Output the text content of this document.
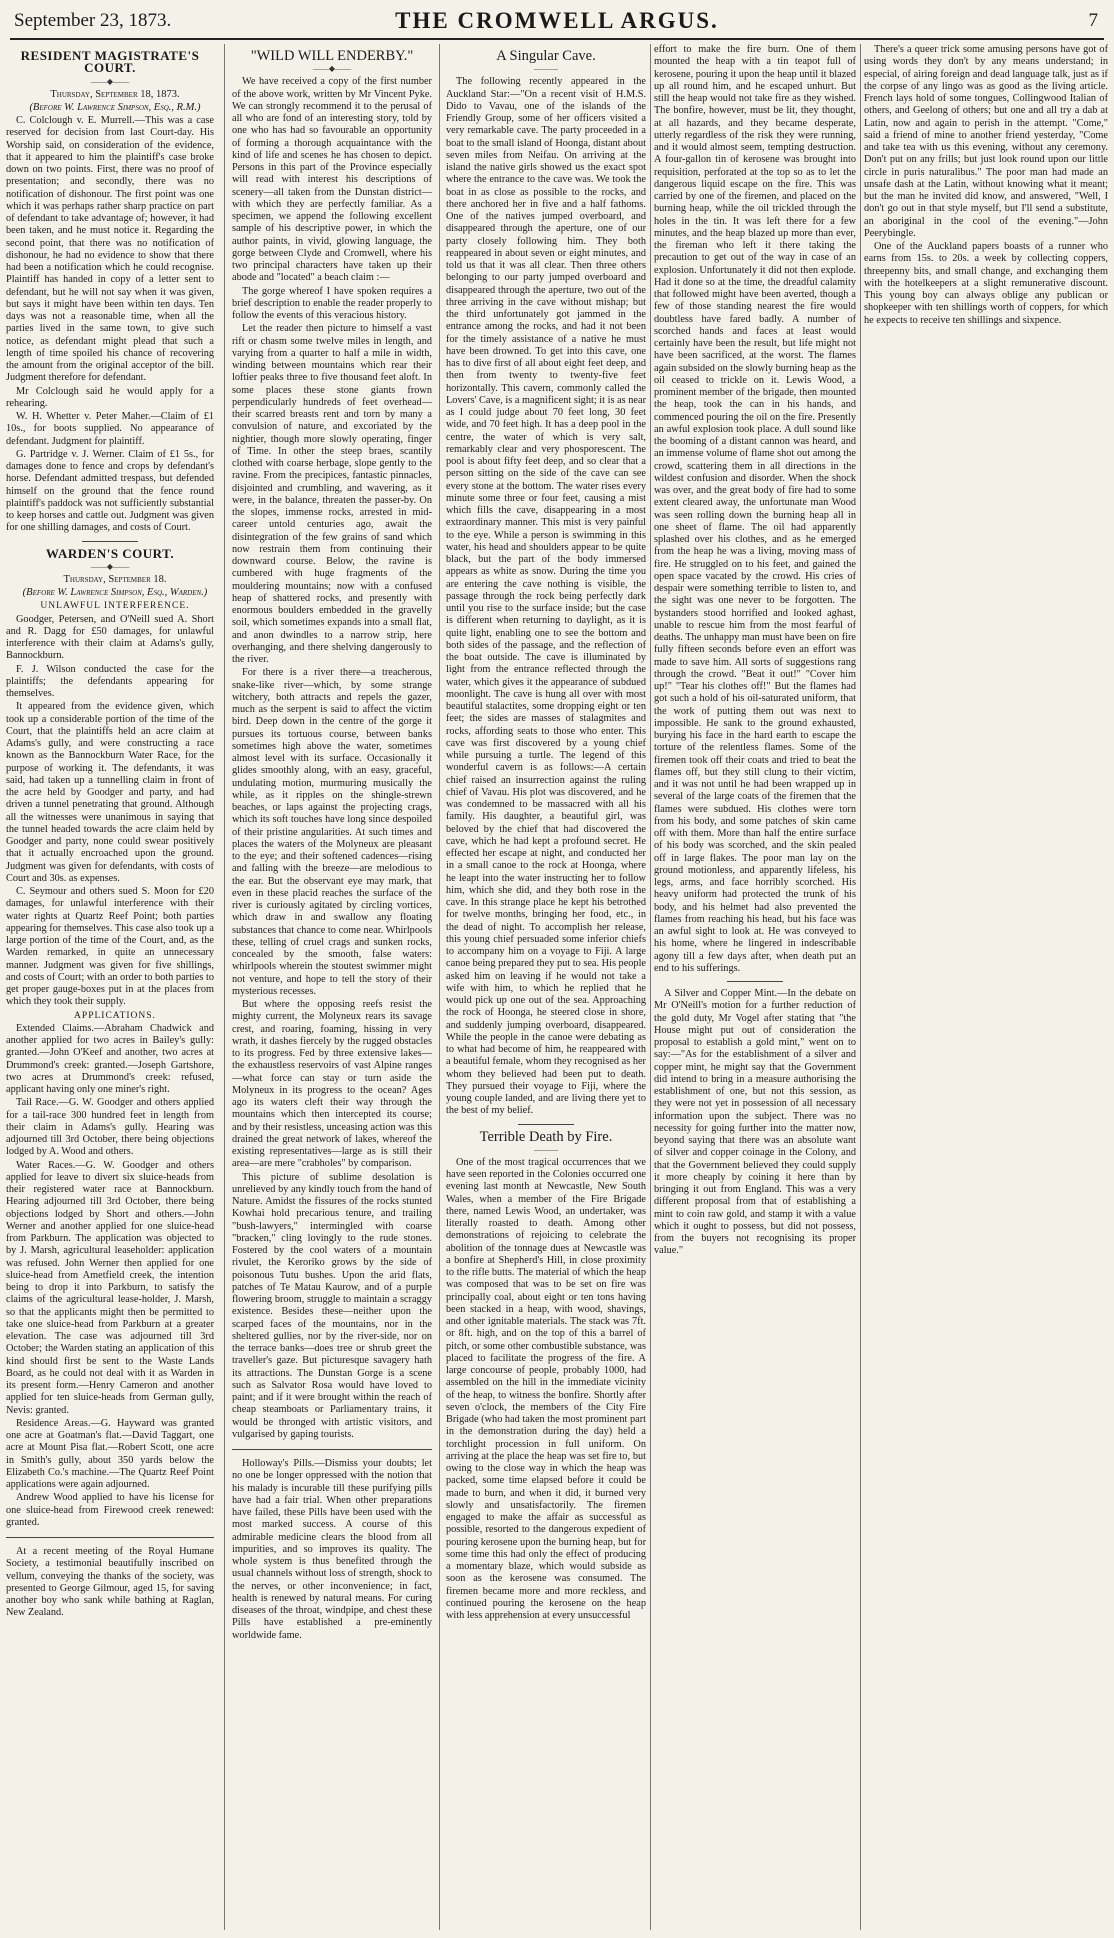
September 23, 1873.	THE CROMWELL ARGUS.	7
RESIDENT MAGISTRATE'S COURT.
——◆——

Thursday, September 18, 1873.

(Before W. Lawrence Simpson, Esq., R.M.)

C. Colclough v. E. Murrell.—This was a case reserved for decision from last Court-day. His Worship said, on consideration of the evidence, that it appeared to him the plaintiff's case broke down on two points. First, there was no proof of presentation; and secondly, there was no notification of dishonour. The first point was one which it was perhaps rather sharp practice on part of defendant to take advantage of; however, it had been taken, and he must notice it. Regarding the second point, that there was no notification of dishonour, he had no evidence to show that there had been a notification which he could recognise. Plaintiff has handed in copy of a letter sent to defendant, but he will not say when it was given, but says it might have been within ten days. Ten days was not a reasonable time, when all the parties lived in the same town, to give such notice, as defendant might plead that such a length of time spoiled his chance of recovering the amount from the original acceptor of the bill. Judgment therefore for defendant.

Mr Colclough said he would apply for a rehearing.

W. H. Whetter v. Peter Maher.—Claim of £1 10s., for boots supplied. No appearance of defendant. Judgment for plaintiff.

G. Partridge v. J. Werner. Claim of £1 5s., for damages done to fence and crops by defendant's horse. Defendant admitted trespass, but defended himself on the ground that the fence round plaintiff's paddock was not sufficiently substantial to keep horses and cattle out. Judgment was given for one shilling damages, and costs of Court.

WARDEN'S COURT.
——◆——

Thursday, September 18.

(Before W. Lawrence Simpson, Esq., Warden.)

UNLAWFUL INTERFERENCE.

Goodger, Petersen, and O'Neill sued A. Short and R. Dagg for £50 damages, for unlawful interference with their claim at Adams's gully, Bannockburn.

F. J. Wilson conducted the case for the plaintiffs; the defendants appearing for themselves.

It appeared from the evidence given, which took up a considerable portion of the time of the Court, that the plaintiffs held an acre claim at Adams's gully, and were constructing a race known as the Bannockburn Water Race, for the purpose of working it. The defendants, it was said, had taken up a tunnelling claim in front of the acre held by Goodger and party, and had driven a tunnel penetrating that ground. Although all the witnesses were unanimous in saying that the tunnel headed towards the acre claim held by Goodger and party, none could swear positively that it actually encroached upon the ground. Judgment was given for defendants, with costs of Court and 30s. as expenses.

C. Seymour and others sued S. Moon for £20 damages, for unlawful interference with their water rights at Quartz Reef Point; both parties appearing for themselves. This case also took up a large portion of the time of the Court, and, as the Warden remarked, in quite an unnecessary manner. Judgment was given for five shillings, and costs of Court; with an order to both parties to get proper gauge-boxes put in at the places from which they took their supply.

APPLICATIONS.

Extended Claims.—Abraham Chadwick and another applied for two acres in Bailey's gully: granted.—John O'Keef and another, two acres at Drummond's creek: granted.—Joseph Gartshore, two acres at Drummond's creek: refused, applicant having only one miner's right.

Tail Race.—G. W. Goodger and others applied for a tail-race 300 hundred feet in length from their claim in Adams's gully. Hearing was adjourned till 3rd October, there being objections lodged by A. Wood and others.

Water Races.—G. W. Goodger and others applied for leave to divert six sluice-heads from their registered water race at Bannockburn. Hearing adjourned till 3rd October, there being objections lodged by Short and others.—John Werner and another applied for one sluice-head from Parkburn. The application was objected to by J. Marsh, agricultural leaseholder: application was refused. John Werner then applied for one sluice-head from Ametfield creek, the intention being to drop it into Parkburn, to satisfy the claims of the agricultural lease-holder, J. Marsh, so that the applicants might then be permitted to take one sluice-head from Parkburn at a greater elevation. The case was adjourned till 3rd October; the Warden stating an application of this kind should first be sent to the Waste Lands Board, as he could not deal with it as Warden in its present form.—Henry Cameron and another applied for ten sluice-heads from German gully, Nevis: granted.

Residence Areas.—G. Hayward was granted one acre at Goatman's flat.—David Taggart, one acre at Mount Pisa flat.—Robert Scott, one acre in Smith's gully, about 350 yards below the Elizabeth Co.'s machine.—The Quartz Reef Point applications were again adjourned.

Andrew Wood applied to have his license for one sluice-head from Firewood creek renewed: granted.

At a recent meeting of the Royal Humane Society, a testimonial beautifully inscribed on vellum, conveying the thanks of the society, was presented to George Gilmour, aged 15, for saving another boy who sank while bathing at Raglan, New Zealand.

"WILD WILL ENDERBY."
——◆——

We have received a copy of the first number of the above work, written by Mr Vincent Pyke. We can strongly recommend it to the perusal of all who are fond of an interesting story, told by one who has had so favourable an opportunity of forming a thorough acquaintance with the kind of life and scenes he has chosen to depict. Persons in this part of the Province especially will read with interest his descriptions of scenery—all taken from the Dunstan district—with which they are perfectly familiar. As a specimen, we append the following excellent sample of his descriptive power, in which the author paints, in vivid, glowing language, the gorge between Clyde and Cromwell, where his two principal characters have taken up their abode and "located" a beach claim :—

The gorge whereof I have spoken requires a brief description to enable the reader properly to follow the events of this veracious history.

Let the reader then picture to himself a vast rift or chasm some twelve miles in length, and varying from a quarter to half a mile in width, winding between mountains which rear their loftier peaks three to five thousand feet aloft. In some places these stone giants frown perpendicularly hundreds of feet overhead—their scarred breasts rent and torn by many a convulsion of nature, and excoriated by the nightier, though more slowly operating, finger of Time. In other the steep braes, scantily clothed with coarse herbage, slope gently to the ravine. From the precipices, fantastic pinnacles, disjointed and crumbling, and wavering, as it were, in the balance, threaten the passer-by. On the slopes, immense rocks, arrested in mid-career untold centuries ago, await the disintegration of the few grains of sand which now restrain them from continuing their downward course. Below, the ravine is cumbered with huge fragments of the mouldering mountains; now with a confused heap of shattered rocks, and presently with enormous boulders embedded in the gravelly soil, which sometimes expands into a small flat, and anon dwindles to a narrow strip, here overhanging, and there shelving dangerously to the river.

For there is a river there—a treacherous, snake-like river—which, by some strange witchery, both attracts and repels the gazer, much as the serpent is said to affect the victim bird. Deep down in the centre of the gorge it pursues its tortuous course, between banks sometimes high above the water, sometimes almost level with its surface. Occasionally it glides smoothly along, with an easy, graceful, undulating motion, murmuring musically the while, as it ripples on the shingle-strewn beaches, or laps against the projecting crags, which its soft touches have long since despoiled of their pristine angularities. At such times and places the waters of the Molyneux are pleasant to the eye; and their softened cadences—rising and falling with the breeze—are melodious to the ear. But the observant eye may mark, that even in these placid reaches the surface of the river is curiously agitated by circling vortices, which draw in and swallow any floating substances that chance to come near. Whirlpools these, telling of cruel crags and sunken rocks, concealed by the smooth, false waters: whirlpools wherein the stoutest swimmer might not venture, and hope to tell the story of their mysterious recesses.

But where the opposing reefs resist the mighty current, the Molyneux rears its savage crest, and roaring, foaming, hissing in very wrath, it dashes fiercely by the rugged obstacles to its progress. Fed by three extensive lakes—the exhaustless reservoirs of vast Alpine ranges—what force can stay or turn aside the Molyneux in its progress to the ocean? Ages ago its waters cleft their way through the mountains which then intercepted its course; and by their resistless, unceasing action was this drained the great network of lakes, whereof the existing representatives—large as is still their area—are mere "crabholes" by comparison.

This picture of sublime desolation is unrelieved by any kindly touch from the hand of Nature. Amidst the fissures of the rocks stunted Kowhai hold precarious tenure, and trailing "bush-lawyers," intermingled with coarse "bracken," cling lovingly to the rude stones. Fostered by the cool waters of a mountain rivulet, the Keroriko grows by the side of poisonous Tutu bushes. Upon the arid flats, patches of Te Matau Kaurow, and of a purple flowering broom, struggle to maintain a scraggy existence. Besides these—neither upon the scarped faces of the mountains, nor in the sheltered gullies, nor by the river-side, nor on the terrace banks—does tree or shrub greet the traveller's gaze. But picturesque savagery hath its attractions. The Dunstan Gorge is a scene such as Salvator Rosa would have loved to paint; and if it were brought within the reach of cheap steamboats or Parliamentary trains, it would be thronged with artistic visitors, and vulgarised by gaping tourists.

Holloway's Pills.—Dismiss your doubts; let no one be longer oppressed with the notion that his malady is incurable till these purifying pills have had a fair trial. When other preparations have failed, these Pills have been used with the most marked success. A course of this admirable medicine clears the blood from all impurities, and so improves its quality. The whole system is thus benefited through the usual channels without loss of strength, shock to the nerves, or other inconvenience; in fact, health is renewed by natural means. For curing diseases of the throat, windpipe, and chest these Pills have established a pre-eminently worldwide fame.

A Singular Cave.
———

The following recently appeared in the Auckland Star:—"On a recent visit of H.M.S. Dido to Vavau, one of the islands of the Friendly Group, some of her officers visited a very remarkable cave. The party proceeded in a boat to the small island of Hoonga, distant about seven miles from Neifau. On arriving at the island the native girls showed us the exact spot where the entrance to the cave was. We took the boat in as close as possible to the rocks, and there anchored her in five and a half fathoms. One of the natives jumped overboard, and disappeared through the aperture, one of our party closely following him. They both reappeared in about seven or eight minutes, and told us that it was all clear. Then three others belonging to our party jumped overboard and disappeared through the aperture, two out of the three arriving in the cave without mishap; but the third unfortunately got jammed in the entrance among the rocks, and had it not been for the timely assistance of a native he must have been drowned. To get into this cave, one has to dive first of all about eight feet deep, and then from twenty to twenty-five feet horizontally. This cavern, commonly called the Lovers' Cave, is a magnificent sight; it is as near as I could judge about 70 feet long, 30 feet wide, and 70 feet high. It has a deep pool in the centre, the water of which is very salt, remarkably clear and very phosporescent. The pool is about fifty feet deep, and so clear that a person sitting on the side of the cave can see every stone at the bottom. The water rises every minute some three or four feet, causing a mist which fills the cave, disappearing in a most extraordinary manner. This mist is very painful to the eye. While a person is swimming in this water, his head and shoulders appear to be quite black, but the part of the body immersed appears as white as snow. During the time you are entering the cave nothing is visible, the passage through the rock being perfectly dark until you rise to the surface inside; but the case is different when returning to daylight, as it is quite light, enabling one to see the bottom and both sides of the passage, and the reflection of the boat outside. The cave is illuminated by light from the entrance reflected through the water, which gives it the appearance of subdued moonlight. The cave is hung all over with most beautiful stalactites, some dropping eight or ten feet; the sides are masses of stalagmites and rocks, affording seats to those who enter. This cave was first discovered by a young chief while pursuing a turtle. The legend of this wonderful cavern is as follows:—A certain chief raised an insurrection against the ruling chief of Vavau. His plot was discovered, and he was condemned to be massacred with all his family. His daughter, a beautiful girl, was beloved by the chief that had discovered the cave, which he had kept a profound secret. He effected her escape at night, and conducted her in a small canoe to the rock at Hoonga, where he leapt into the water instructing her to follow him, which she did, and they both rose in the cave. In this strange place he kept his betrothed for twelve months, bringing her food, etc., in the dead of night. To accomplish her release, this young chief persuaded some inferior chiefs to accompany him on a voyage to Fiji. A large canoe being prepared they put to sea. His people asked him on leaving if he would not take a wife with him, to which he replied that he would pick up one out of the sea. Approaching the rock of Hoonga, he steered close in shore, and suddenly jumping overboard, disappeared. While the people in the canoe were debating as to what had become of him, he reappeared with a beautiful female, whom they recognised as her whom they believed had been put to death. They pursued their voyage to Fiji, where the young couple landed, and are living there yet to the best of my belief.

Terrible Death by Fire.
———

One of the most tragical occurrences that we have seen reported in the Colonies occurred one evening last month at Newcastle, New South Wales, when a member of the Fire Brigade there, named Lewis Wood, an undertaker, was literally roasted to death. Among other demonstrations of rejoicing to celebrate the abolition of the tonnage dues at Newcastle was a bonfire at Shepherd's Hill, in close proximity to the rifle butts. The material of which the heap was composed that was to be set on fire was principally coal, about eight or ten tons having been stacked in a heap, with wood, shavings, and other ignitable materials. The stack was 7ft. or 8ft. high, and on the top of this a barrel of pitch, or some other combustible substance, was placed to facilitate the progress of the fire. A large concourse of people, probably 1000, had assembled on the hill in the immediate vicinity of the heap, to witness the bonfire. Shortly after seven o'clock, the members of the City Fire Brigade (who had taken the most prominent part in the demonstration during the day) held a torchlight procession in full uniform. On arriving at the place the heap was set fire to, but owing to the close way in which the heap was packed, some time elapsed before it could be made to burn, and when it did, it burned very slowly and unsatisfactorily. The firemen engaged to make the affair as successful as possible, resorted to the dangerous expedient of pouring kerosene upon the burning heap, but for some time this had only the effect of producing a momentary blaze, which would subside as soon as the kerosene was consumed. The firemen became more and more reckless, and continued pouring the kerosene on the heap with less apprehension at every unsuccessful

effort to make the fire burn. One of them mounted the heap with a tin teapot full of kerosene, pouring it upon the heap until it blazed up all round him, and he escaped unhurt. But still the heap would not take fire as they wished. The bonfire, however, must be lit, they thought, at all hazards, and they became desperate, utterly regardless of the risk they were running, and it would almost seem, tempting destruction. A four-gallon tin of kerosene was brought into requisition, perforated at the top so as to let the dangerous liquid escape on the fire. This was carried by one of the firemen, and placed on the burning heap, while the oil trickled through the holes in the tin. It was left there for a few minutes, and the heap blazed up more than ever, the fireman who left it there taking the precaution to get out of the way in case of an explosion. Unfortunately it did not then explode. Had it done so at the time, the dreadful calamity that followed might have been averted, though a few of those standing nearest the fire would doubtless have fared badly. A number of scorched hands and faces at least would certainly have been the result, but life might not have been sacrificed, at the worst. The flames again subsided on the slowly burning heap as the oil ceased to trickle on it. Lewis Wood, a prominent member of the brigade, then mounted the heap, took the can in his hands, and commenced pouring the oil on the fire. Presently an awful explosion took place. A dull sound like the booming of a distant cannon was heard, and an immense volume of flame shot out among the crowd, scattering them in all directions in the wildest confusion and disorder. When the shock was over, and the great body of fire had to some extent cleared away, the unfortunate man Wood was seen rolling down the burning heap all in one sheet of flame. The oil had apparently splashed over his clothes, and as he emerged from the heap he was a living, moving mass of fire. He struggled on to his feet, and gained the open space vacated by the crowd. His cries of despair were something terrible to listen to, and the sight was one never to be forgotten. The bystanders stood horrified and looked aghast, unable to rescue him from the most fearful of deaths. The unhappy man must have been on fire fully fifteen seconds before even an effort was made to save him. All sorts of suggestions rang through the crowd. "Beat it out!" "Cover him up!" "Tear his clothes off!" But the flames had got such a hold of his oil-saturated uniform, that the work of putting them out was next to impossible. He sank to the ground exhausted, burying his face in the hard earth to escape the torture of the relentless flames. Some of the firemen took off their coats and tried to beat the flames off, but they still clung to their victim, and it was not until he had been wrapped up in several of the large coats of the firemen that the flames were subdued. His clothes were torn from his body, and some patches of skin came off with them. More than half the entire surface of his body was scorched, and the skin pealed off in large flakes. The poor man lay on the ground motionless, and apparently lifeless, his legs, arms, and face horribly scorched. His heavy uniform had protected the trunk of his body, and his helmet had also prevented the flames from reaching his head, but his face was an awful sight to look at. He was conveyed to his home, where he lingered in indescribable agony till a few days after, when death put an end to his sufferings.

A Silver and Copper Mint.—In the debate on Mr O'Neill's motion for a further reduction of the gold duty, Mr Vogel after stating that "the House might put out of consideration the proposal to establish a gold mint," went on to say:—"As for the establishment of a silver and copper mint, he might say that the Government did intend to bring in a measure authorising the establishment of one, but not this session, as they were not yet in possession of all necessary information upon the subject. There was no necessity for going further into the matter now, beyond saying that there was an absolute want of silver and copper coinage in the Colony, and that the Government believed they could supply it more cheaply by coining it here than by bringing it out from England. This was a very different proposal from that of establishing a mint to coin raw gold, and stamp it with a value which it ought to possess, but did not possess, from the buyers not recognising its proper value."

There's a queer trick some amusing persons have got of using words they don't by any means understand; in especial, of airing foreign and dead language talk, just as if the corpse of any lingo was as good as the living article. French lays hold of some tongues, Collingwood Italian of others, and Geelong of others; but one and all try a dab at Latin, now and again to perish in the attempt. "Come," said a friend of mine to another friend yesterday, "Come and take tea with us this evening, without any ceremony. Don't put on any frills; but just look round upon our little circle in puris naturalibus." The poor man had made an unsafe dash at the Latin, without knowing what it meant; but the man he invited did know, and answered, "Well, I don't go out in that style myself, but I'll send a substitute, an aboriginal in the cool of the evening."—John Peerybingle.

One of the Auckland papers boasts of a runner who earns from 15s. to 20s. a week by collecting coppers, threepenny bits, and small change, and exchanging them with the hotelkeepers at a slight remunerative discount. This young boy can always oblige any publican or shopkeeper with ten shillings worth of coppers, for which he expects to receive ten shillings and sixpence.
